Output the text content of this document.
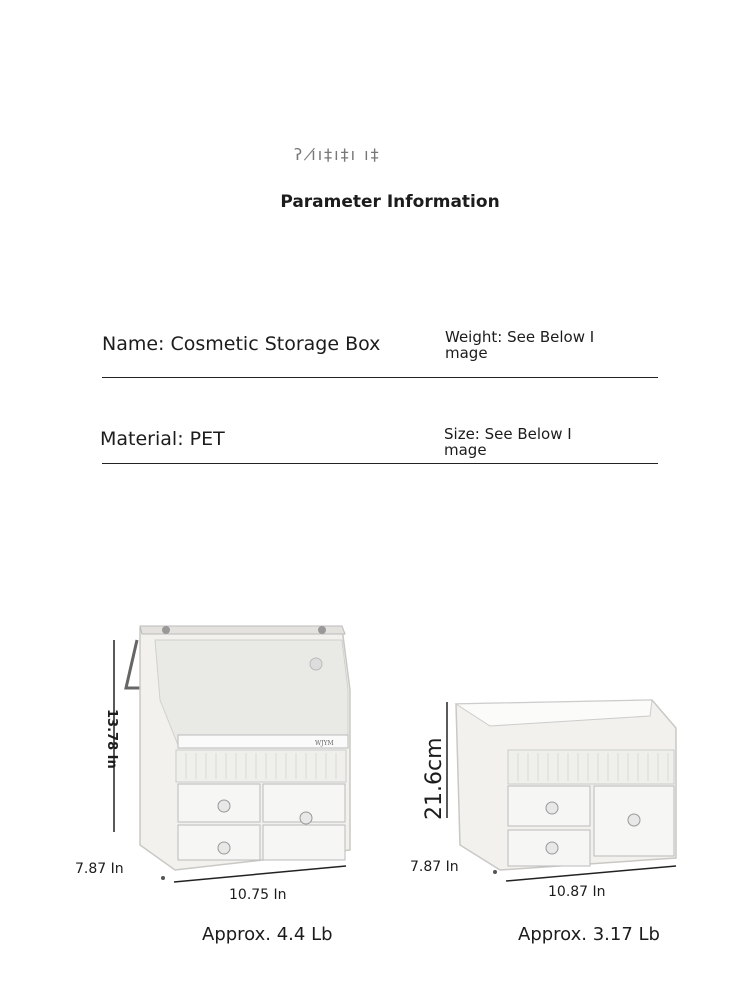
ʔ ı̸ı‡ı‡ı ı‡
Parameter Information
Name: Cosmetic Storage Box	Weight: See Below I
mage
Material: PET	Size: See Below I
mage
WJYM
13.78 In
7.87 In
10.75 In
Approx. 4.4 Lb
21.6cm
7.87 In
10.87 In
Approx. 3.17 Lb
